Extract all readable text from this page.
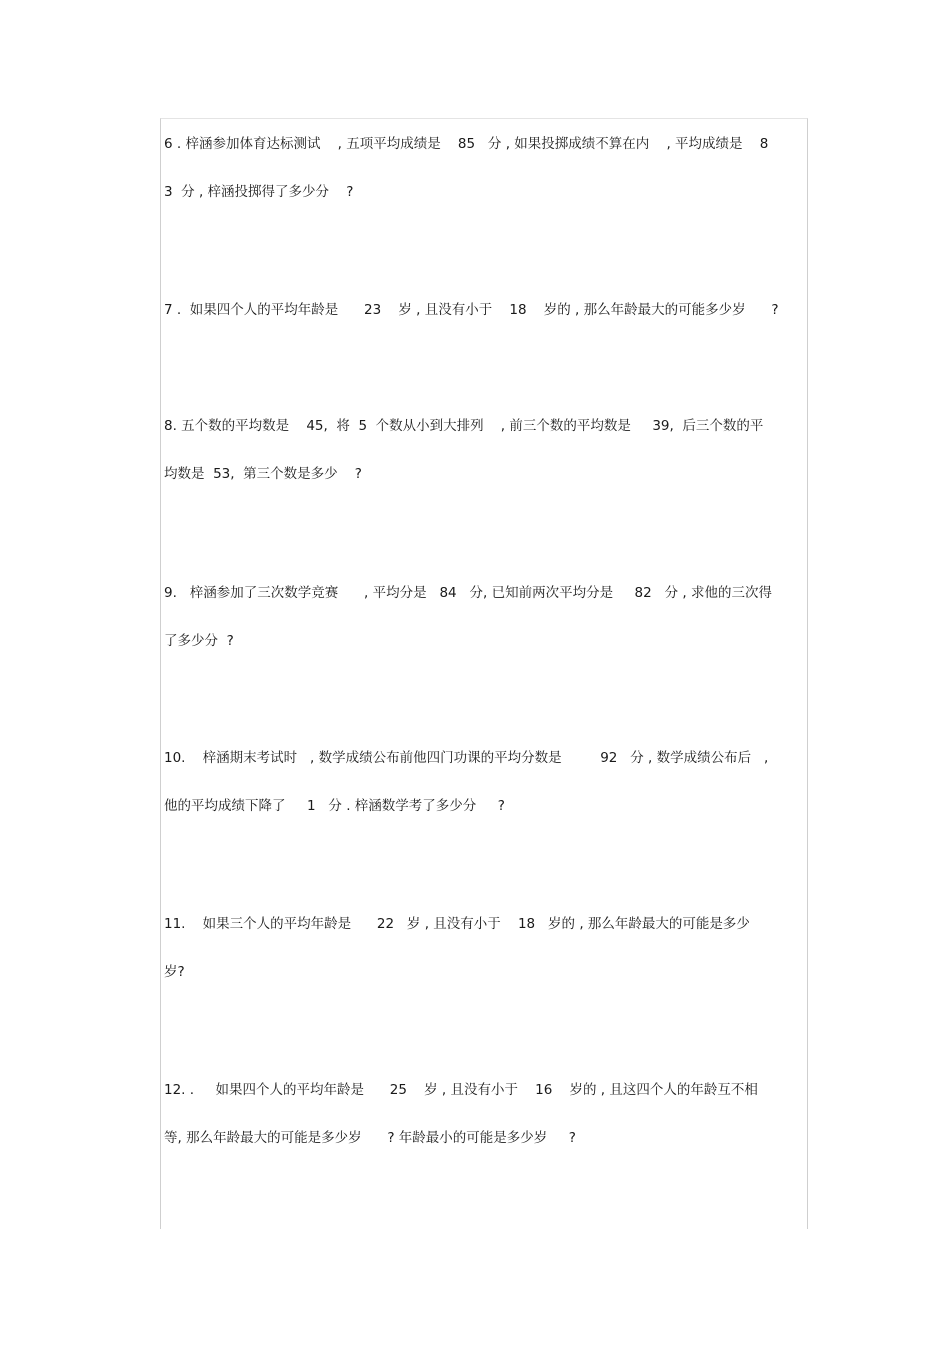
6 . 梓涵参加体育达标测试    , 五项平均成绩是    85   分 , 如果投掷成绩不算在内    , 平均成绩是    8
3  分 , 梓涵投掷得了多少分    ?
7 .  如果四个人的平均年龄是      23    岁 , 且没有小于    18    岁的 , 那么年龄最大的可能多少岁      ?
8. 五个数的平均数是    45,  将  5  个数从小到大排列    , 前三个数的平均数是     39,  后三个数的平
均数是  53,  第三个数是多少    ?
9.   梓涵参加了三次数学竞赛      , 平均分是   84   分, 已知前两次平均分是     82   分 , 求他的三次得
了多少分  ?
10.    梓涵期末考试时   , 数学成绩公布前他四门功课的平均分数是         92   分 , 数学成绩公布后   ,
他的平均成绩下降了     1   分 . 梓涵数学考了多少分     ?
11.    如果三个人的平均年龄是      22   岁 , 且没有小于    18   岁的 , 那么年龄最大的可能是多少
岁?
12. .     如果四个人的平均年龄是      25    岁 , 且没有小于    16    岁的 , 且这四个人的年龄互不相
等, 那么年龄最大的可能是多少岁      ? 年龄最小的可能是多少岁     ?
